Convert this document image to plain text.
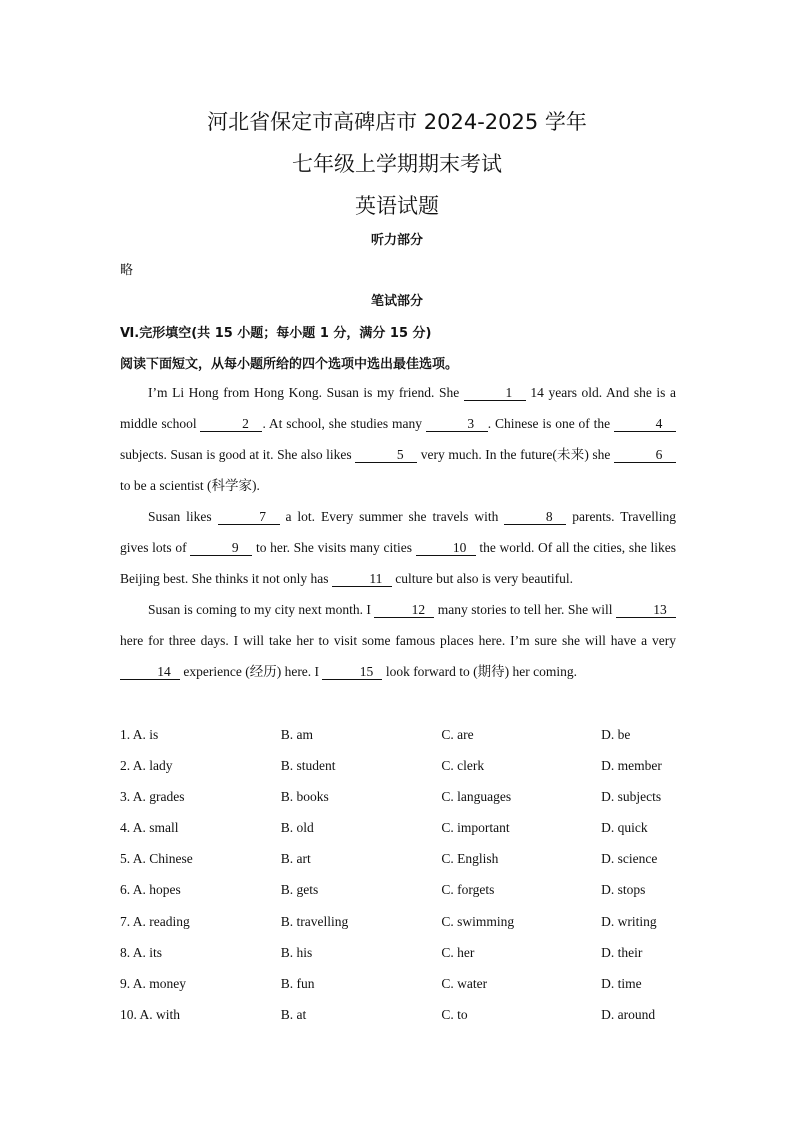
河北省保定市高碑店市 2024-2025 学年
七年级上学期期末考试
英语试题
听力部分
略
笔试部分
Ⅵ.完形填空(共 15 小题；每小题 1 分，满分 15 分)
阅读下面短文，从每小题所给的四个选项中选出最佳选项。

I’m Li Hong from Hong Kong. Susan is my friend. She	1 14 years old. And she is a middle school	2 . At school, she studies many	3 . Chinese is one of the	4 subjects. Susan is good at it. She also likes	5 very much. In the future(未来) she	6 to be a scientist (科学家).

Susan likes	7 a lot. Every summer she travels with	8 parents. Travelling gives lots of	9 to her. She visits many cities	10 the world. Of all the cities, she likes Beijing best. She thinks it not only has	11 culture but also is very beautiful.

Susan is coming to my city next month. I	12 many stories to tell her. She will	13 here for three days. I will take her to visit some famous places here. I’m sure she will have a very 14 experience (经历) here. I	15 look forward to (期待) her coming.

1. A. is	B. am	C. are	D. be
2. A. lady	B. student	C. clerk	D. member
3. A. grades	B. books	C. languages	D. subjects
4. A. small	B. old	C. important	D. quick
5. A. Chinese	B. art	C. English	D. science
6. A. hopes	B. gets	C. forgets	D. stops
7. A. reading	B. travelling	C. swimming	D. writing
8. A. its	B. his	C. her	D. their
9. A. money	B. fun	C. water	D. time
10. A. with	B. at	C. to	D. around
